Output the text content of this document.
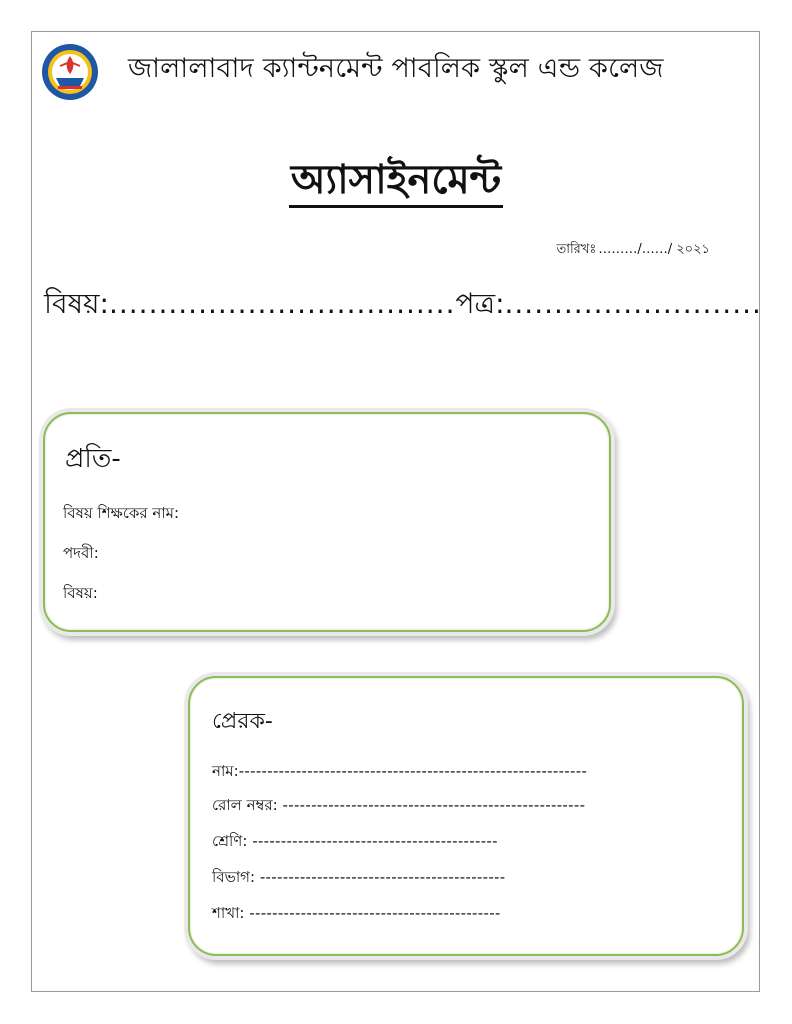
জালালাবাদ ক্যান্টনমেন্ট পাবলিক স্কুল এন্ড কলেজ
অ্যাসাইনমেন্ট
তারিখঃ ………/……/ ২০২১
বিষয়:...................................পত্র:..........................
প্রতি-
বিষয় শিক্ষকের নাম:
পদবী:
বিষয়:
প্রেরক-
নাম:-------------------------------------------------------------
রোল নম্বর: -----------------------------------------------------
শ্রেণি: -------------------------------------------
বিভাগ: -------------------------------------------
শাখা: --------------------------------------------
